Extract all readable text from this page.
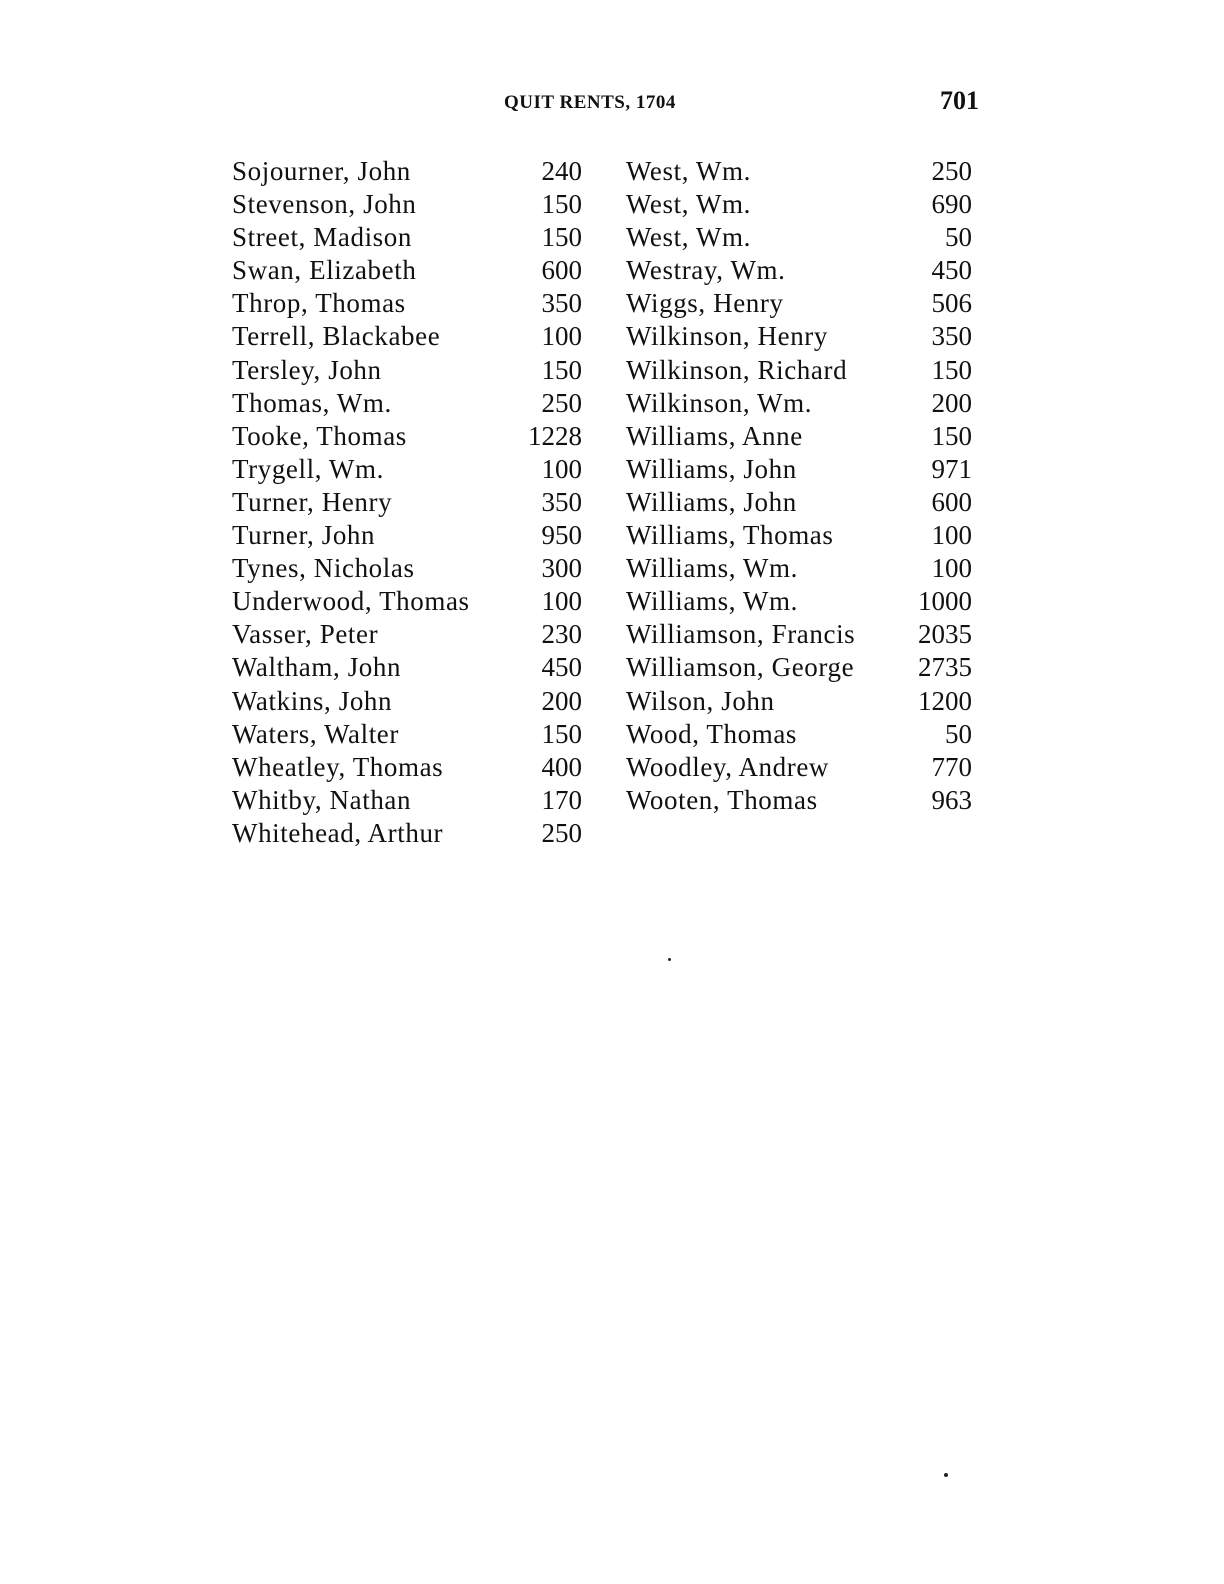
QUIT RENTS, 1704	701
Sojourner, John	240
Stevenson, John	150
Street, Madison	150
Swan, Elizabeth	600
Throp, Thomas	350
Terrell, Blackabee	100
Tersley, John	150
Thomas, Wm.	250
Tooke, Thomas	1228
Trygell, Wm.	100
Turner, Henry	350
Turner, John	950
Tynes, Nicholas	300
Underwood, Thomas	100
Vasser, Peter	230
Waltham, John	450
Watkins, John	200
Waters, Walter	150
Wheatley, Thomas	400
Whitby, Nathan	170
Whitehead, Arthur	250
West, Wm.	250
West, Wm.	690
West, Wm.	50
Westray, Wm.	450
Wiggs, Henry	506
Wilkinson, Henry	350
Wilkinson, Richard	150
Wilkinson, Wm.	200
Williams, Anne	150
Williams, John	971
Williams, John	600
Williams, Thomas	100
Williams, Wm.	100
Williams, Wm.	1000
Williamson, Francis 2035
Williamson, George 2735
Wilson, John	1200
Wood, Thomas	50
Woodley, Andrew	770
Wooten, Thomas	963
